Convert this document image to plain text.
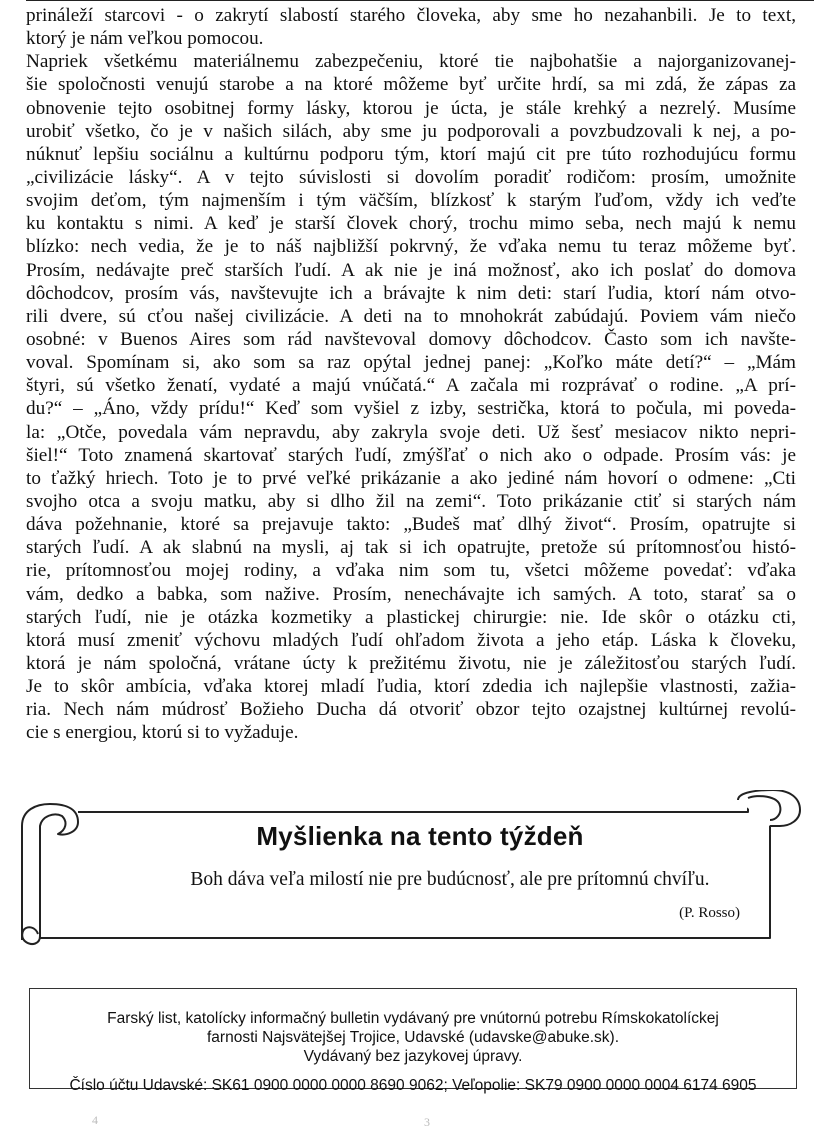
prináleží starcovi - o zakrytí slabostí starého človeka, aby sme ho nezahanbili. Je to text,
ktorý je nám veľkou pomocou.
Napriek všetkému materiálnemu zabezpečeniu, ktoré tie najbohatšie a najorganizovanej-
šie spoločnosti venujú starobe a na ktoré môžeme byť určite hrdí, sa mi zdá, že zápas za
obnovenie tejto osobitnej formy lásky, ktorou je úcta, je stále krehký a nezrelý. Musíme
urobiť všetko, čo je v našich silách, aby sme ju podporovali a povzbudzovali k nej, a po-
núknuť lepšiu sociálnu a kultúrnu podporu tým, ktorí majú cit pre túto rozhodujúcu formu
„civilizácie lásky“. A v tejto súvislosti si dovolím poradiť rodičom: prosím, umožnite
svojim deťom, tým najmenším i tým väčším, blízkosť k starým ľuďom, vždy ich veďte
ku kontaktu s nimi. A keď je starší človek chorý, trochu mimo seba, nech majú k nemu
blízko: nech vedia, že je to náš najbližší pokrvný, že vďaka nemu tu teraz môžeme byť.
Prosím, nedávajte preč starších ľudí. A ak nie je iná možnosť, ako ich poslať do domova
dôchodcov, prosím vás, navštevujte ich a brávajte k nim deti: starí ľudia, ktorí nám otvo-
rili dvere, sú cťou našej civilizácie. A deti na to mnohokrát zabúdajú. Poviem vám niečo
osobné: v Buenos Aires som rád navštevoval domovy dôchodcov. Často som ich navšte-
voval. Spomínam si, ako som sa raz opýtal jednej panej: „Koľko máte detí?“ – „Mám
štyri, sú všetko ženatí, vydaté a majú vnúčatá.“ A začala mi rozprávať o rodine. „A prí-
du?“ – „Áno, vždy prídu!“ Keď som vyšiel z izby, sestrička, ktorá to počula, mi poveda-
la: „Otče, povedala vám nepravdu, aby zakryla svoje deti. Už šesť mesiacov nikto nepri-
šiel!“ Toto znamená skartovať starých ľudí, zmýšľať o nich ako o odpade. Prosím vás: je
to ťažký hriech. Toto je to prvé veľké prikázanie a ako jediné nám hovorí o odmene: „Cti
svojho otca a svoju matku, aby si dlho žil na zemi“. Toto prikázanie ctiť si starých nám
dáva požehnanie, ktoré sa prejavuje takto: „Budeš mať dlhý život“. Prosím, opatrujte si
starých ľudí. A ak slabnú na mysli, aj tak si ich opatrujte, pretože sú prítomnosťou histó-
rie, prítomnosťou mojej rodiny, a vďaka nim som tu, všetci môžeme povedať: vďaka
vám, dedko a babka, som nažive. Prosím, nenechávajte ich samých. A toto, starať sa o
starých ľudí, nie je otázka kozmetiky a plastickej chirurgie: nie. Ide skôr o otázku cti,
ktorá musí zmeniť výchovu mladých ľudí ohľadom života a jeho etáp. Láska k človeku,
ktorá je nám spoločná, vrátane úcty k prežitému životu, nie je záležitosťou starých ľudí.
Je to skôr ambícia, vďaka ktorej mladí ľudia, ktorí zdedia ich najlepšie vlastnosti, zažia-
ria. Nech nám múdrosť Božieho Ducha dá otvoriť obzor tejto ozajstnej kultúrnej revolú-
cie s energiou, ktorú si to vyžaduje.
Myšlienka na tento týždeň
Boh dáva veľa milostí nie pre budúcnosť, ale pre prítomnú chvíľu.
(P. Rosso)
Farský list, katolícky informačný bulletin vydávaný pre vnútornú potrebu Rímskokatolíckej
farnosti Najsvätejšej Trojice, Udavské (udavske@abuke.sk).
Vydávaný bez jazykovej úpravy.
Číslo účtu Udavské: SK61 0900 0000 0000 8690 9062; Veľopolie: SK79 0900 0000 0004 6174 6905
4	3
